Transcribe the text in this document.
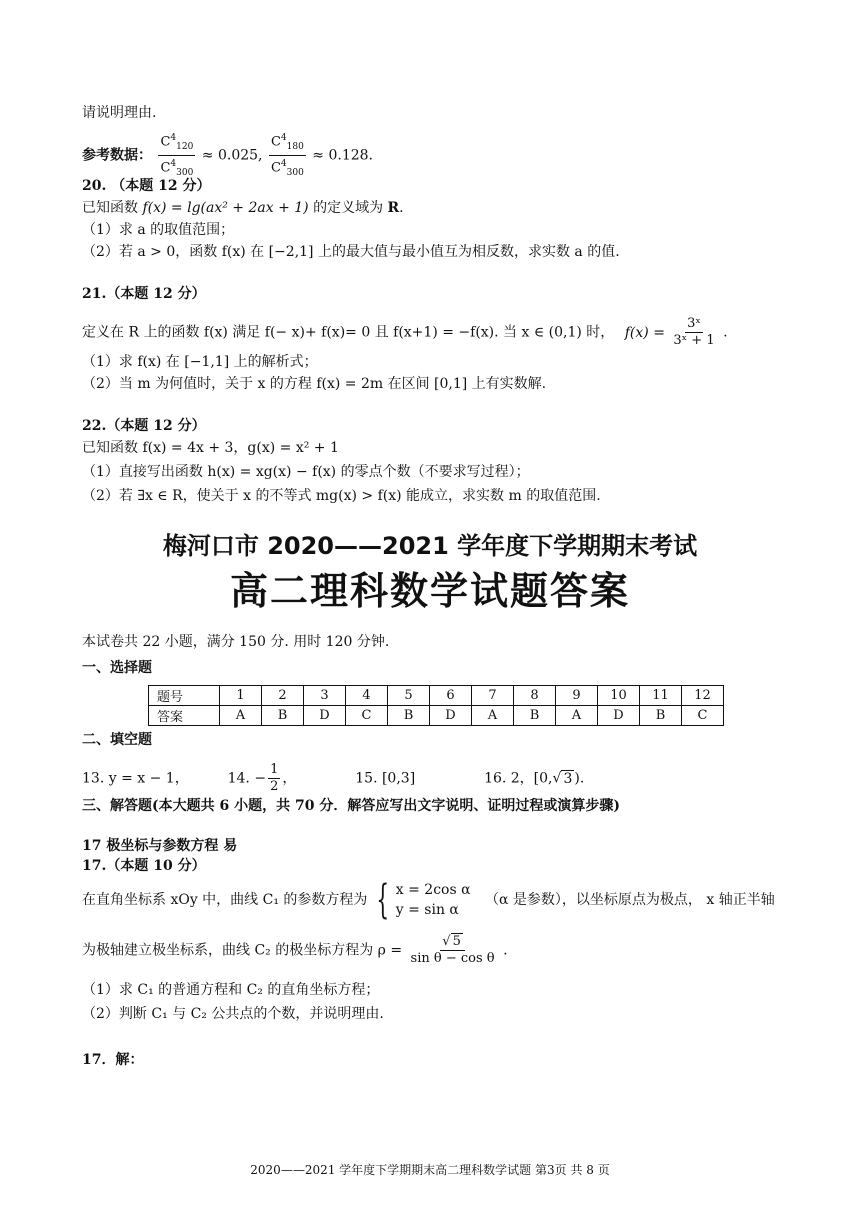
请说明理由.
参考数据： $\frac{C^4_{120}}{C^4_{300}} \approx 0.025$, $\frac{C^4_{180}}{C^4_{300}} \approx 0.128$.
20. （本题 12 分）
已知函数 f(x) = lg(ax² + 2ax + 1) 的定义域为 R.
（1）求 a 的取值范围；
（2）若 a > 0，函数 f(x) 在 [−2,1] 上的最大值与最小值互为相反数，求实数 a 的值.
21.（本题 12 分）
定义在 R 上的函数 f(x) 满足 f(− x)+ f(x)= 0 且 f(x+1) = −f(x). 当 x ∈ (0,1) 时， $f(x) = \frac{\text{3ˣ}}{\text{3ˣ + 1}}$ .
（1）求 f(x) 在 [−1,1] 上的解析式；
（2）当 m 为何值时，关于 x 的方程 f(x) = 2m 在区间 [0,1] 上有实数解.
22.（本题 12 分）
已知函数 f(x) = 4x + 3，g(x) = x² + 1
（1）直接写出函数 h(x) = xg(x) − f(x) 的零点个数（不要求写过程）；
（2）若 ∃x ∈ R，使关于 x 的不等式 mg(x) > f(x) 能成立，求实数 m 的取值范围.
梅河口市 2020——2021 学年度下学期期末考试
高二理科数学试题答案
本试卷共 22 小题，满分 150 分. 用时 120 分钟.
一、选择题
题号	1	2	3	4	5	6	7	8	9	10	11	12
答案	A	B	D	C	B	D	A	B	A	D	B	C
二、填空题
13. y = x − 1，	14. − $\frac{1}{2}$ ，	15. [0,3]	16. 2，[0,√ 3 ).
三、解答题(本大题共 6 小题，共 70 分．解答应写出文字说明、证明过程或演算步骤)
17 极坐标与参数方程 易
17.（本题 10 分）
在直角坐标系 xOy 中，曲线 C₁ 的参数方程为 { x = 2cos α
y = sin α
（α 是参数），以坐标原点为极点， x 轴正半轴
为极轴建立极坐标系，曲线 C₂ 的极坐标方程为 $\rho = \frac{√ 5}{\text{sin θ − cos θ}}$ .
（1）求 C₁ 的普通方程和 C₂ 的直角坐标方程；
（2）判断 C₁ 与 C₂ 公共点的个数，并说明理由.
17．解：
2020——2021 学年度下学期期末高二理科数学试题 第3页 共 8 页
